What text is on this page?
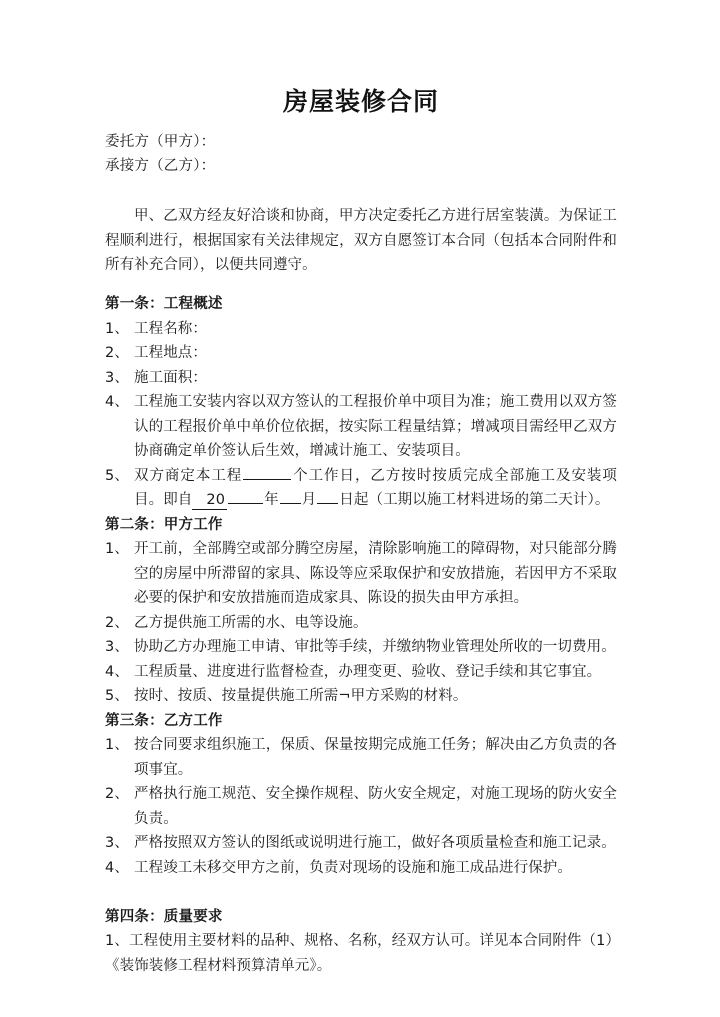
房屋装修合同
委托方（甲方）：
承接方（乙方）：

甲、乙双方经友好洽谈和协商，甲方决定委托乙方进行居室装潢。为保证工程顺利进行，根据国家有关法律规定，双方自愿签订本合同（包括本合同附件和所有补充合同），以便共同遵守。

第一条：工程概述
1、 工程名称：
2、 工程地点：
3、 施工面积：
4、 工程施工安装内容以双方签认的工程报价单中项目为准；施工费用以双方签认的工程报价单中单价位依据，按实际工程量结算；增减项目需经甲乙双方协商确定单价签认后生效，增减计施工、安装项目。
5、 双方商定本工程	个工作日，乙方按时按质完成全部施工及安装项目。即自 20	年 月 日起（工期以施工材料进场的第二天计）。
第二条：甲方工作
1、 开工前，全部腾空或部分腾空房屋，清除影响施工的障碍物，对只能部分腾空的房屋中所滞留的家具、陈设等应采取保护和安放措施，若因甲方不采取必要的保护和安放措施而造成家具、陈设的损失由甲方承担。
2、 乙方提供施工所需的水、电等设施。
3、 协助乙方办理施工申请、审批等手续，并缴纳物业管理处所收的一切费用。
4、 工程质量、进度进行监督检查，办理变更、验收、登记手续和其它事宜。
5、 按时、按质、按量提供施工所需¬甲方采购的材料。
第三条：乙方工作
1、 按合同要求组织施工，保质、保量按期完成施工任务；解决由乙方负责的各项事宜。
2、 严格执行施工规范、安全操作规程、防火安全规定，对施工现场的防火安全负责。
3、 严格按照双方签认的图纸或说明进行施工，做好各项质量检查和施工记录。
4、 工程竣工未移交甲方之前，负责对现场的设施和施工成品进行保护。
第四条：质量要求
1、工程使用主要材料的品种、规格、名称，经双方认可。详见本合同附件（1）《装饰装修工程材料预算清单元》。
